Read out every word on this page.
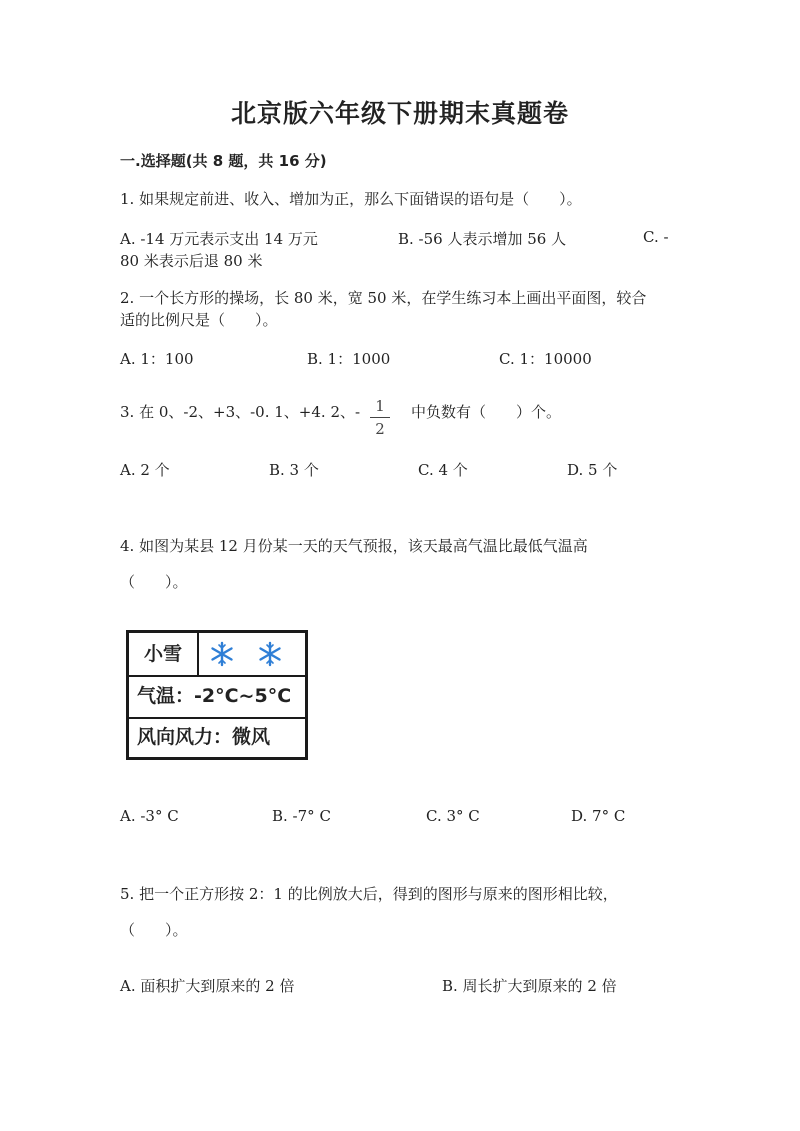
北京版六年级下册期末真题卷
一.选择题(共 8 题，共 16 分)
1. 如果规定前进、收入、增加为正，那么下面错误的语句是（　　）。
A. -14 万元表示支出 14 万元	B. -56 人表示增加 56 人	C. -
80 米表示后退 80 米
2. 一个长方形的操场，长 80 米，宽 50 米，在学生练习本上画出平面图，较合
适的比例尺是（　　）。
A. 1：100	B. 1：1000	C. 1：10000
3. 在 0、-2、+3、-0. 1、+4. 2、-	1
2
中负数有（　　）个。
A. 2 个	B. 3 个	C. 4 个	D. 5 个
4. 如图为某县 12 月份某一天的天气预报，该天最高气温比最低气温高
（　　）。
小雪
气温：-2°C~5°C
风向风力：微风
A. -3° C	B. -7° C	C. 3° C	D. 7° C
5. 把一个正方形按 2：1 的比例放大后，得到的图形与原来的图形相比较，
（　　）。
A. 面积扩大到原来的 2 倍	B. 周长扩大到原来的 2 倍
